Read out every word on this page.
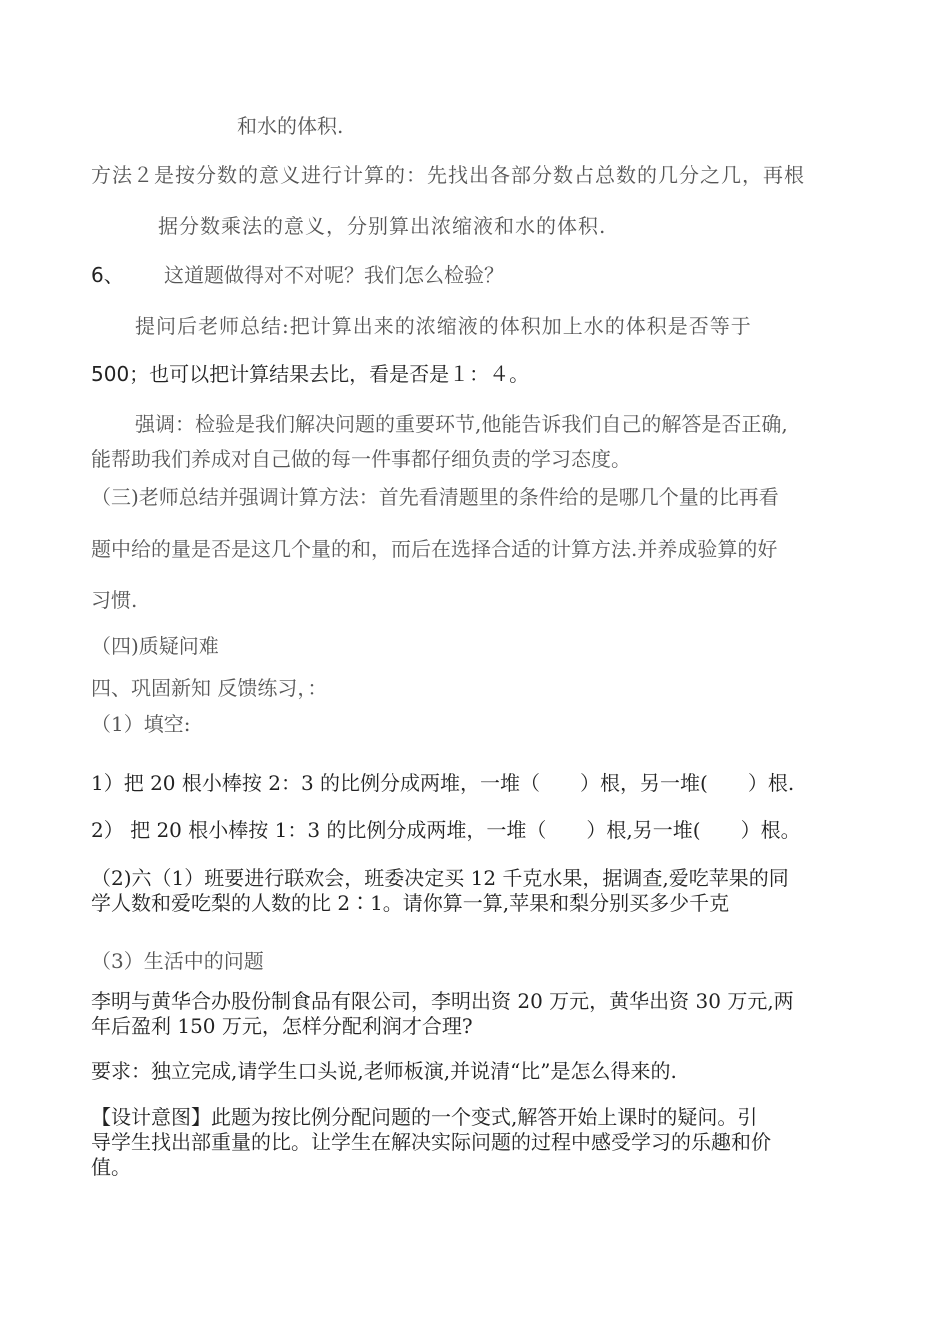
和水的体积.
方法２是按分数的意义进行计算的：先找出各部分数占总数的几分之几，再根
据分数乘法的意义，分别算出浓缩液和水的体积.
6、 这道题做得对不对呢？我们怎么检验？
提问后老师总结:把计算出来的浓缩液的体积加上水的体积是否等于
500；也可以把计算结果去比，看是否是１：４。
强调：检验是我们解决问题的重要环节,他能告诉我们自己的解答是否正确,
能帮助我们养成对自己做的每一件事都仔细负责的学习态度。
（三)老师总结并强调计算方法：首先看清题里的条件给的是哪几个量的比再看
题中给的量是否是这几个量的和，而后在选择合适的计算方法.并养成验算的好
习惯.
（四)质疑问难
四、巩固新知 反馈练习，：
（1）填空:
1）把 20 根小棒按 2：3 的比例分成两堆，一堆（　　）根，另一堆(　　）根.
2） 把 20 根小棒按 1：3 的比例分成两堆，一堆（　　）根,另一堆(　　）根。
（2)六（1）班要进行联欢会，班委决定买 12 千克水果，据调查,爱吃苹果的同
学人数和爱吃梨的人数的比 2∶1。请你算一算,苹果和梨分别买多少千克
（3）生活中的问题
李明与黄华合办股份制食品有限公司，李明出资 20 万元，黄华出资 30 万元,两
年后盈利 150 万元，怎样分配利润才合理?
要求：独立完成,请学生口头说,老师板演,并说清“比”是怎么得来的.
【设计意图】此题为按比例分配问题的一个变式,解答开始上课时的疑问。引
导学生找出部重量的比。让学生在解决实际问题的过程中感受学习的乐趣和价
值。
